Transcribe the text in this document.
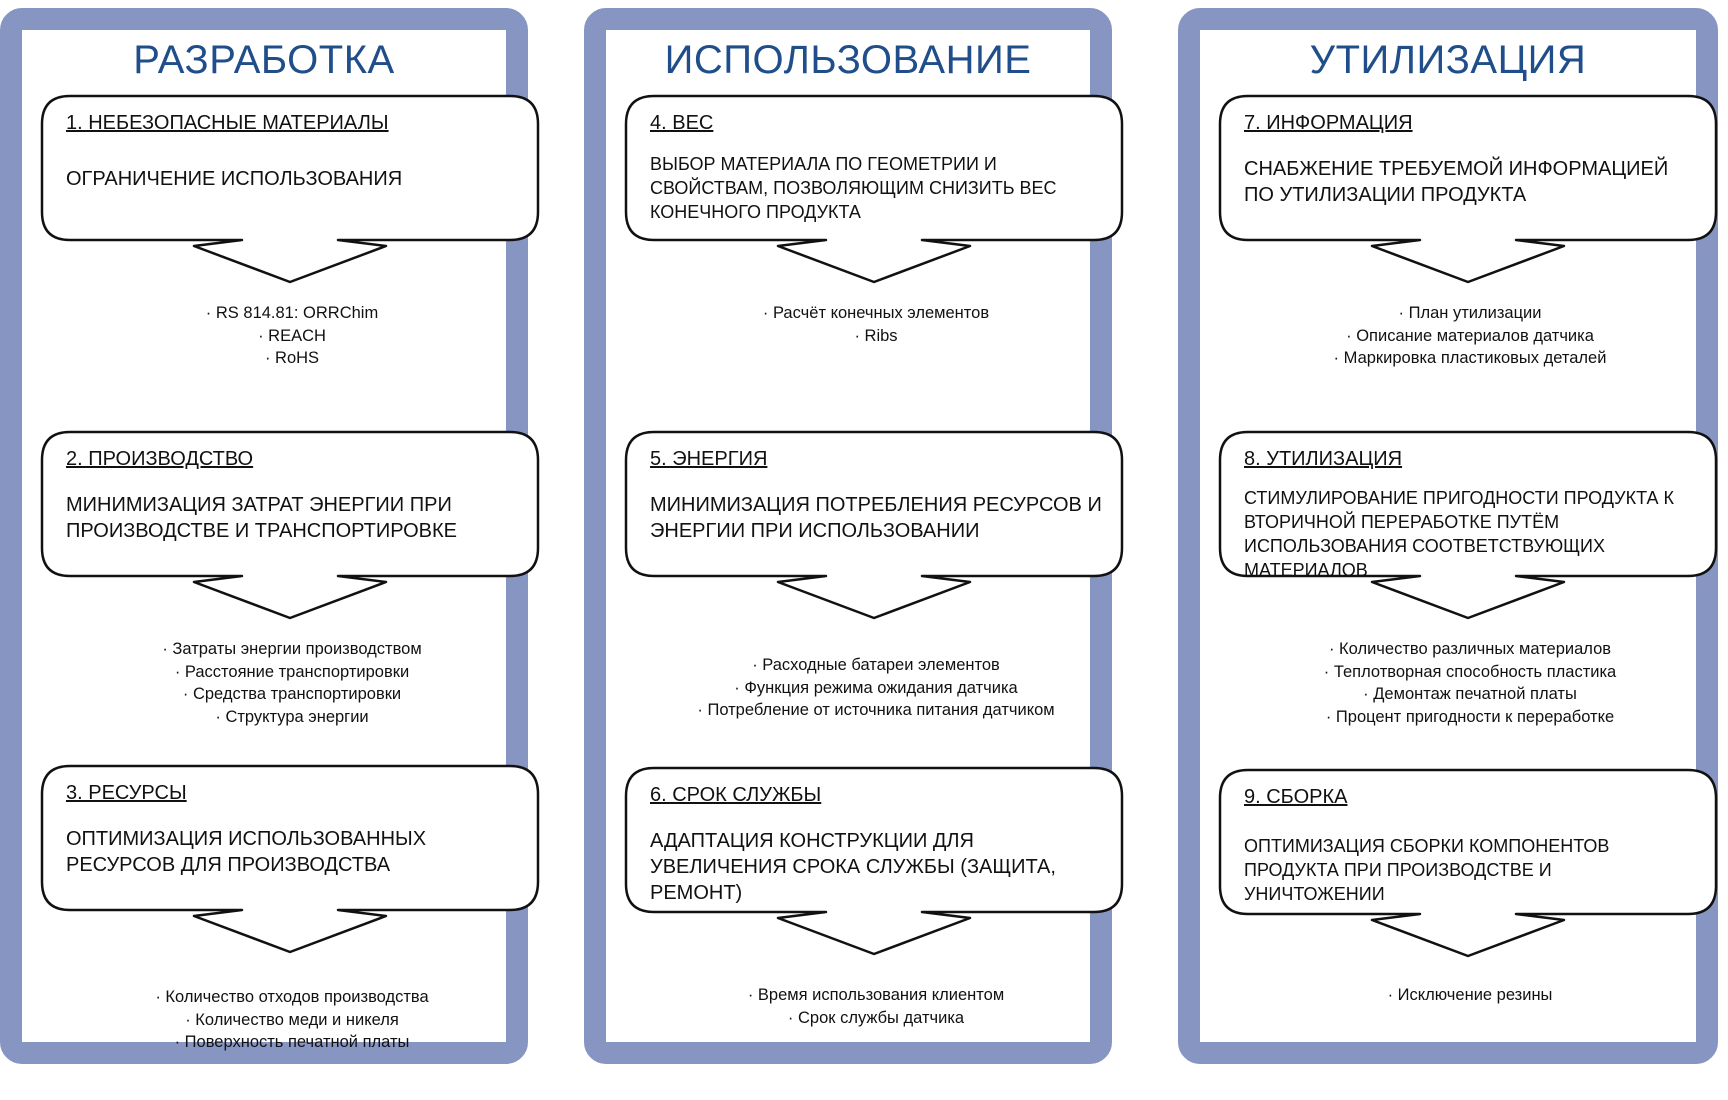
РАЗРАБОТКА
1. НЕБЕЗОПАСНЫЕ МАТЕРИАЛЫ
ОГРАНИЧЕНИЕ ИСПОЛЬЗОВАНИЯ
· RS 814.81: ORRChim
· REACH
· RoHS
2. ПРОИЗВОДСТВО
МИНИМИЗАЦИЯ ЗАТРАТ ЭНЕРГИИ ПРИ ПРОИЗВОДСТВЕ И ТРАНСПОРТИРОВКЕ
· Затраты энергии производством
· Расстояние транспортировки
· Средства транспортировки
· Структура энергии
3. РЕСУРСЫ
ОПТИМИЗАЦИЯ ИСПОЛЬЗОВАННЫХ РЕСУРСОВ ДЛЯ ПРОИЗВОДСТВА
· Количество отходов производства
· Количество меди и никеля
· Поверхность печатной платы
ИСПОЛЬЗОВАНИЕ
4. ВЕС
ВЫБОР МАТЕРИАЛА ПО ГЕОМЕТРИИ И СВОЙСТВАМ, ПОЗВОЛЯЮЩИМ СНИЗИТЬ ВЕС КОНЕЧНОГО ПРОДУКТА
· Расчёт конечных элементов
· Ribs
5. ЭНЕРГИЯ
МИНИМИЗАЦИЯ ПОТРЕБЛЕНИЯ РЕСУРСОВ И ЭНЕРГИИ ПРИ ИСПОЛЬЗОВАНИИ
· Расходные батареи элементов
· Функция режима ожидания датчика
· Потребление от источника питания датчиком
6. СРОК СЛУЖБЫ
АДАПТАЦИЯ КОНСТРУКЦИИ ДЛЯ УВЕЛИЧЕНИЯ СРОКА СЛУЖБЫ (ЗАЩИТА, РЕМОНТ)
· Время использования клиентом
· Срок службы датчика
УТИЛИЗАЦИЯ
7. ИНФОРМАЦИЯ
СНАБЖЕНИЕ ТРЕБУЕМОЙ ИНФОРМАЦИЕЙ ПО УТИЛИЗАЦИИ ПРОДУКТА
· План утилизации
· Описание материалов датчика
· Маркировка пластиковых деталей
8. УТИЛИЗАЦИЯ
СТИМУЛИРОВАНИЕ ПРИГОДНОСТИ ПРОДУКТА К ВТОРИЧНОЙ ПЕРЕРАБОТКЕ ПУТЁМ ИСПОЛЬЗОВАНИЯ СООТВЕТСТВУЮЩИХ МАТЕРИАЛОВ
· Количество различных материалов
· Теплотворная способность пластика
· Демонтаж печатной платы
· Процент пригодности к переработке
9. СБОРКА
ОПТИМИЗАЦИЯ СБОРКИ КОМПОНЕНТОВ ПРОДУКТА ПРИ ПРОИЗВОДСТВЕ И УНИЧТОЖЕНИИ
· Исключение резины
